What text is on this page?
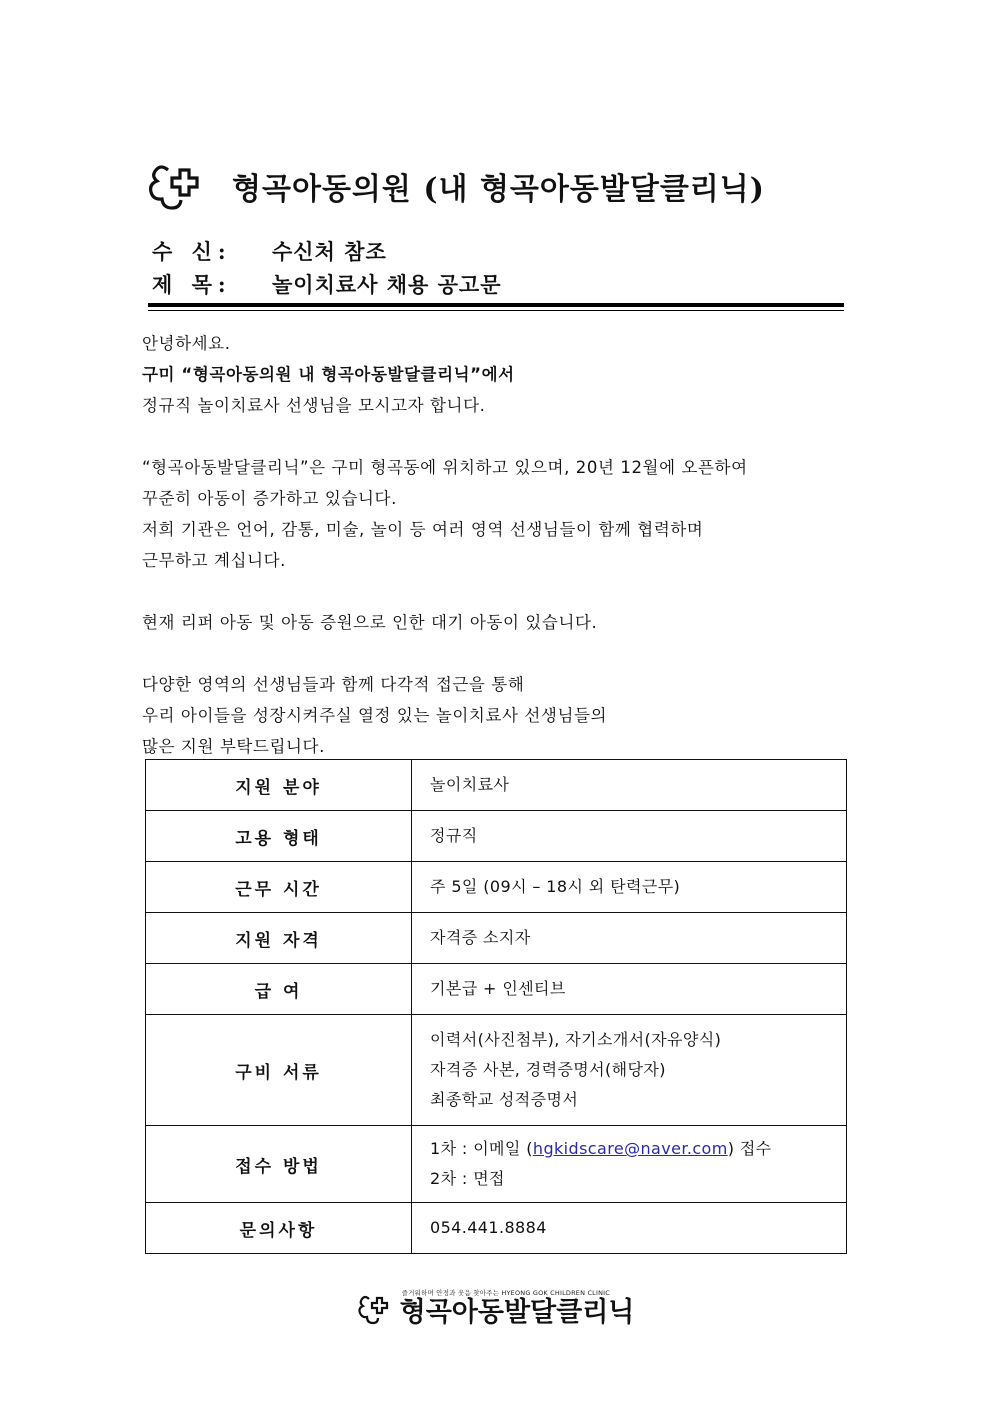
형곡아동의원 (내 형곡아동발달클리닉)
수 신:	수신처 참조
제 목:	놀이치료사 채용 공고문

안녕하세요.

구미 “형곡아동의원 내 형곡아동발달클리닉”에서

정규직 놀이치료사 선생님을 모시고자 합니다.

“형곡아동발달클리닉”은 구미 형곡동에 위치하고 있으며, 20년 12월에 오픈하여

꾸준히 아동이 증가하고 있습니다.

저희 기관은 언어, 감통, 미술, 놀이 등 여러 영역 선생님들이 함께 협력하며

근무하고 계십니다.

현재 리퍼 아동 및 아동 증원으로 인한 대기 아동이 있습니다.

다양한 영역의 선생님들과 함께 다각적 접근을 통해

우리 아이들을 성장시켜주실 열정 있는 놀이치료사 선생님들의

많은 지원 부탁드립니다.

지원 분야	놀이치료사

고용 형태	정규직

근무 시간	주 5일 (09시 – 18시 외 탄력근무)

지원 자격	자격증 소지자

급 여	기본급 + 인센티브

구비 서류	이력서(사진첨부), 자기소개서(자유양식)
자격증 사본, 경력증명서(해당자)
최종학교 성적증명서

접수 방법	1차 : 이메일 (hgkidscare@naver.com) 접수
2차 : 면접

문의사항	054.441.8884
즐거워하며 안정과 웃음 찾아주는 HYEONG GOK CHILDREN CLINIC
형곡아동발달클리닉
